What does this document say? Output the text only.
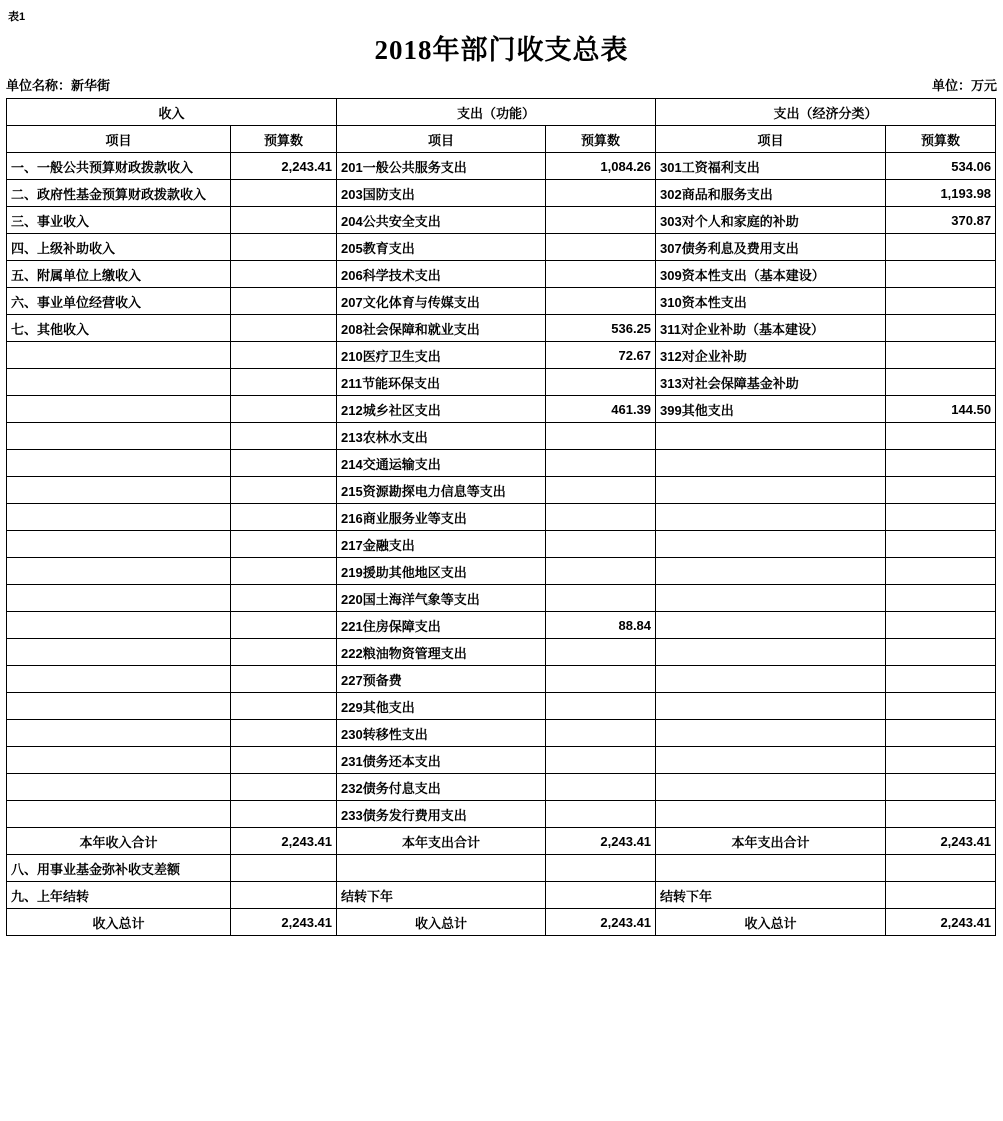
表1
2018年部门收支总表
单位名称：新华街	单位：万元
收入		支出（功能）		支出（经济分类）	
项目	预算数	项目	预算数	项目	预算数
一、一般公共预算财政拨款收入	2,243.41	201一般公共服务支出	1,084.26	301工资福利支出	534.06
二、政府性基金预算财政拨款收入		203国防支出		302商品和服务支出	1,193.98
三、事业收入		204公共安全支出		303对个人和家庭的补助	370.87
四、上级补助收入		205教育支出		307债务利息及费用支出	
五、附属单位上缴收入		206科学技术支出		309资本性支出（基本建设）	
六、事业单位经营收入		207文化体育与传媒支出		310资本性支出	
七、其他收入		208社会保障和就业支出	536.25	311对企业补助（基本建设）	
		210医疗卫生支出	72.67	312对企业补助	
		211节能环保支出		313对社会保障基金补助	
		212城乡社区支出	461.39	399其他支出	144.50
		213农林水支出			
		214交通运输支出			
		215资源勘探电力信息等支出			
		216商业服务业等支出			
		217金融支出			
		219援助其他地区支出			
		220国土海洋气象等支出			
		221住房保障支出	88.84		
		222粮油物资管理支出			
		227预备费			
		229其他支出			
		230转移性支出			
		231债务还本支出			
		232债务付息支出			
		233债务发行费用支出			
本年收入合计	2,243.41	本年支出合计	2,243.41	本年支出合计	2,243.41
八、用事业基金弥补收支差额					
九、上年结转		结转下年		结转下年	
收入总计	2,243.41	收入总计	2,243.41	收入总计	2,243.41
